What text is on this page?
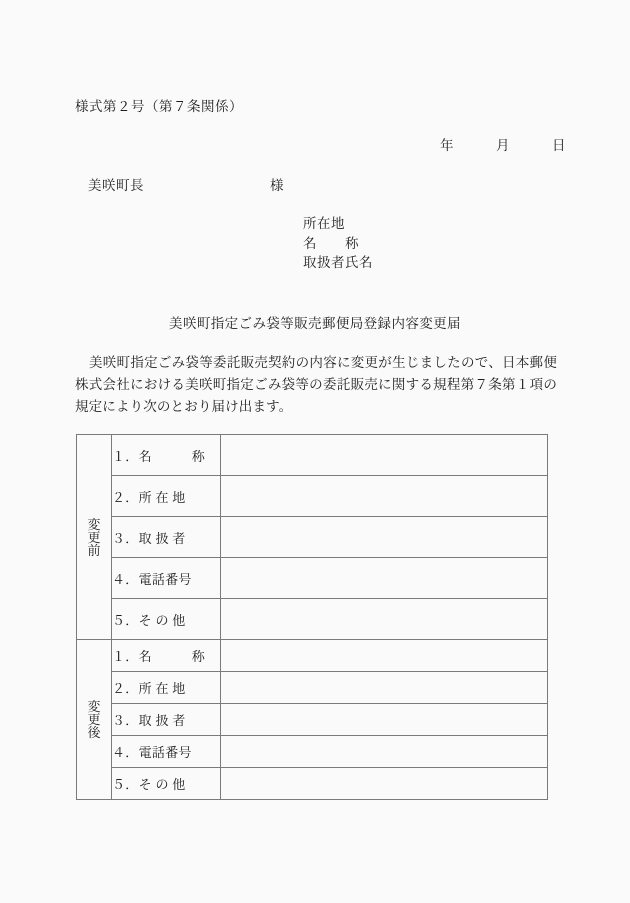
様式第２号（第７条関係）
年　　　月　　　日
美咲町長　　　　　　　　　様
所在地
名　　称
取扱者氏名
美咲町指定ごみ袋等販売郵便局登録内容変更届
美咲町指定ごみ袋等委託販売契約の内容に変更が生じましたので、日本郵便株式会社における美咲町指定ごみ袋等の委託販売に関する規程第７条第１項の規定により次のとおり届け出ます。
変
更
前	１．名　　　称	
	２．所 在 地	
	３．取 扱 者	
	４．電話番号	
	５．そ の 他	

変
更
後	１．名　　　称	
	２．所 在 地	
	３．取 扱 者	
	４．電話番号	
	５．そ の 他	
